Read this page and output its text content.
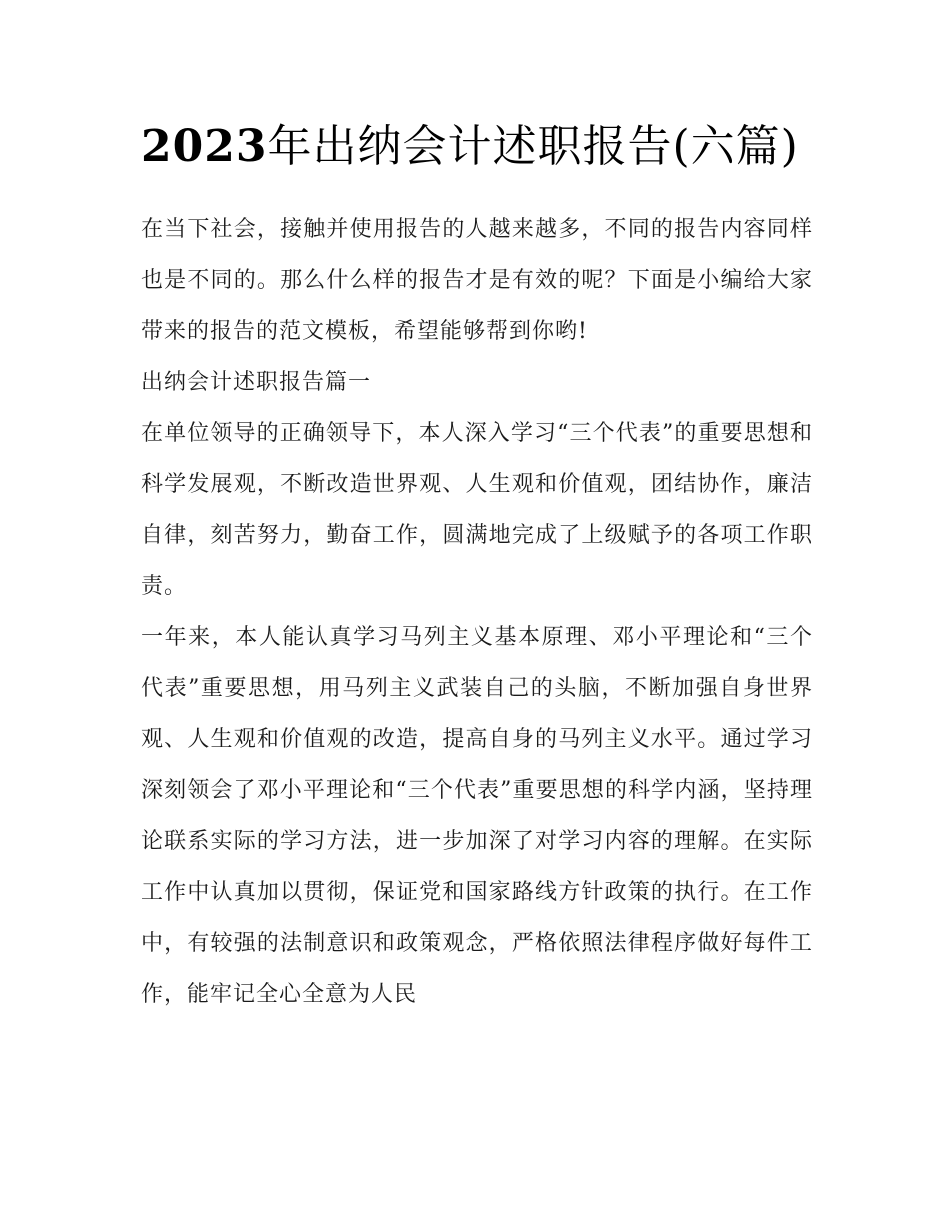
2023年出纳会计述职报告(六篇)

在当下社会，接触并使用报告的人越来越多，不同的报告内容同样也是不同的。那么什么样的报告才是有效的呢？下面是小编给大家带来的报告的范文模板，希望能够帮到你哟!

出纳会计述职报告篇一

在单位领导的正确领导下，本人深入学习“三个代表”的重要思想和科学发展观，不断改造世界观、人生观和价值观，团结协作，廉洁自律，刻苦努力，勤奋工作，圆满地完成了上级赋予的各项工作职责。

一年来，本人能认真学习马列主义基本原理、邓小平理论和“三个代表”重要思想，用马列主义武装自己的头脑，不断加强自身世界观、人生观和价值观的改造，提高自身的马列主义水平。通过学习深刻领会了邓小平理论和“三个代表”重要思想的科学内涵，坚持理论联系实际的学习方法，进一步加深了对学习内容的理解。在实际工作中认真加以贯彻，保证党和国家路线方针政策的执行。在工作中，有较强的法制意识和政策观念，严格依照法律程序做好每件工作，能牢记全心全意为人民
